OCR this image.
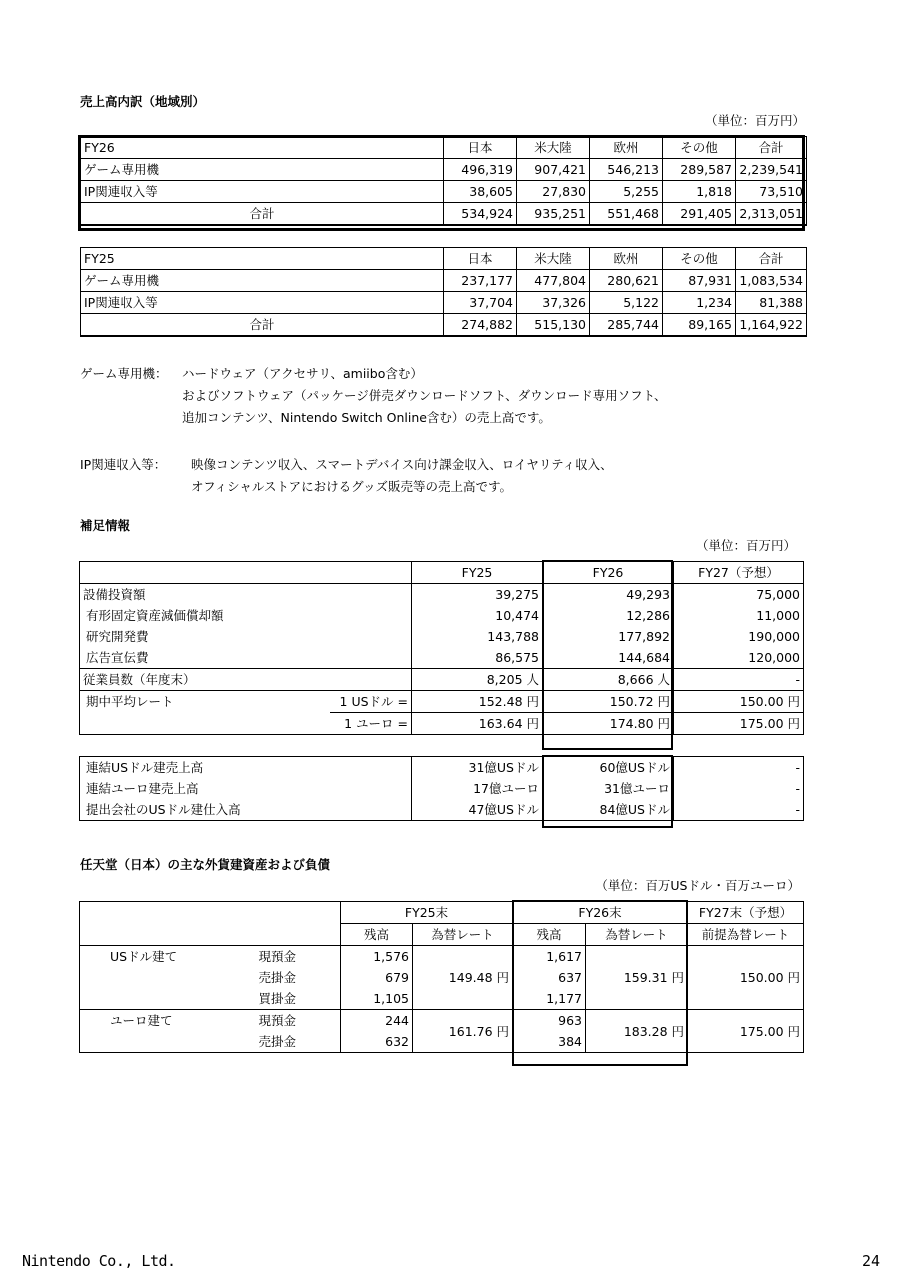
売上高内訳（地域別）
（単位：百万円）
FY26	日本	米大陸	欧州	その他	合計
ゲーム専用機	496,319	907,421	546,213	289,587	2,239,541
IP関連収入等	38,605	27,830	5,255	1,818	73,510
合計	534,924	935,251	551,468	291,405	2,313,051
FY25	日本	米大陸	欧州	その他	合計
ゲーム専用機	237,177	477,804	280,621	87,931	1,083,534
IP関連収入等	37,704	37,326	5,122	1,234	81,388
合計	274,882	515,130	285,744	89,165	1,164,922
ゲーム専用機： ハードウェア（アクセサリ、amiibo含む）
およびソフトウェア（パッケージ併売ダウンロードソフト、ダウンロード専用ソフト、
追加コンテンツ、Nintendo Switch Online含む）の売上高です。
IP関連収入等： 映像コンテンツ収入、スマートデバイス向け課金収入、ロイヤリティ収入、
オフィシャルストアにおけるグッズ販売等の売上高です。
補足情報
（単位：百万円）
		FY25	FY26	FY27（予想）
設備投資額		39,275	49,293	75,000
有形固定資産減価償却額		10,474	12,286	11,000
研究開発費		143,788	177,892	190,000
広告宣伝費		86,575	144,684	120,000
従業員数（年度末）		8,205 人	8,666 人	-
期中平均レート	1 USドル =	152.48 円	150.72 円	150.00 円
	1 ユーロ =	163.64 円	174.80 円	175.00 円
連結USドル建売上高	31億USドル	60億USドル	-
連結ユーロ建売上高	17億ユーロ	31億ユーロ	-
提出会社のUSドル建仕入高	47億USドル	84億USドル	-
任天堂（日本）の主な外貨建資産および負債
（単位：百万USドル・百万ユーロ）
		FY25末		FY26末		FY27末（予想）
		残高	為替レート	残高	為替レート	前提為替レート
USドル建て	現預金	1,576	149.48 円	1,617	159.31 円	150.00 円
	売掛金	679		637		
	買掛金	1,105		1,177		
ユーロ建て	現預金	244	161.76 円	963	183.28 円	175.00 円
	売掛金	632		384		
Nintendo Co., Ltd.	24
